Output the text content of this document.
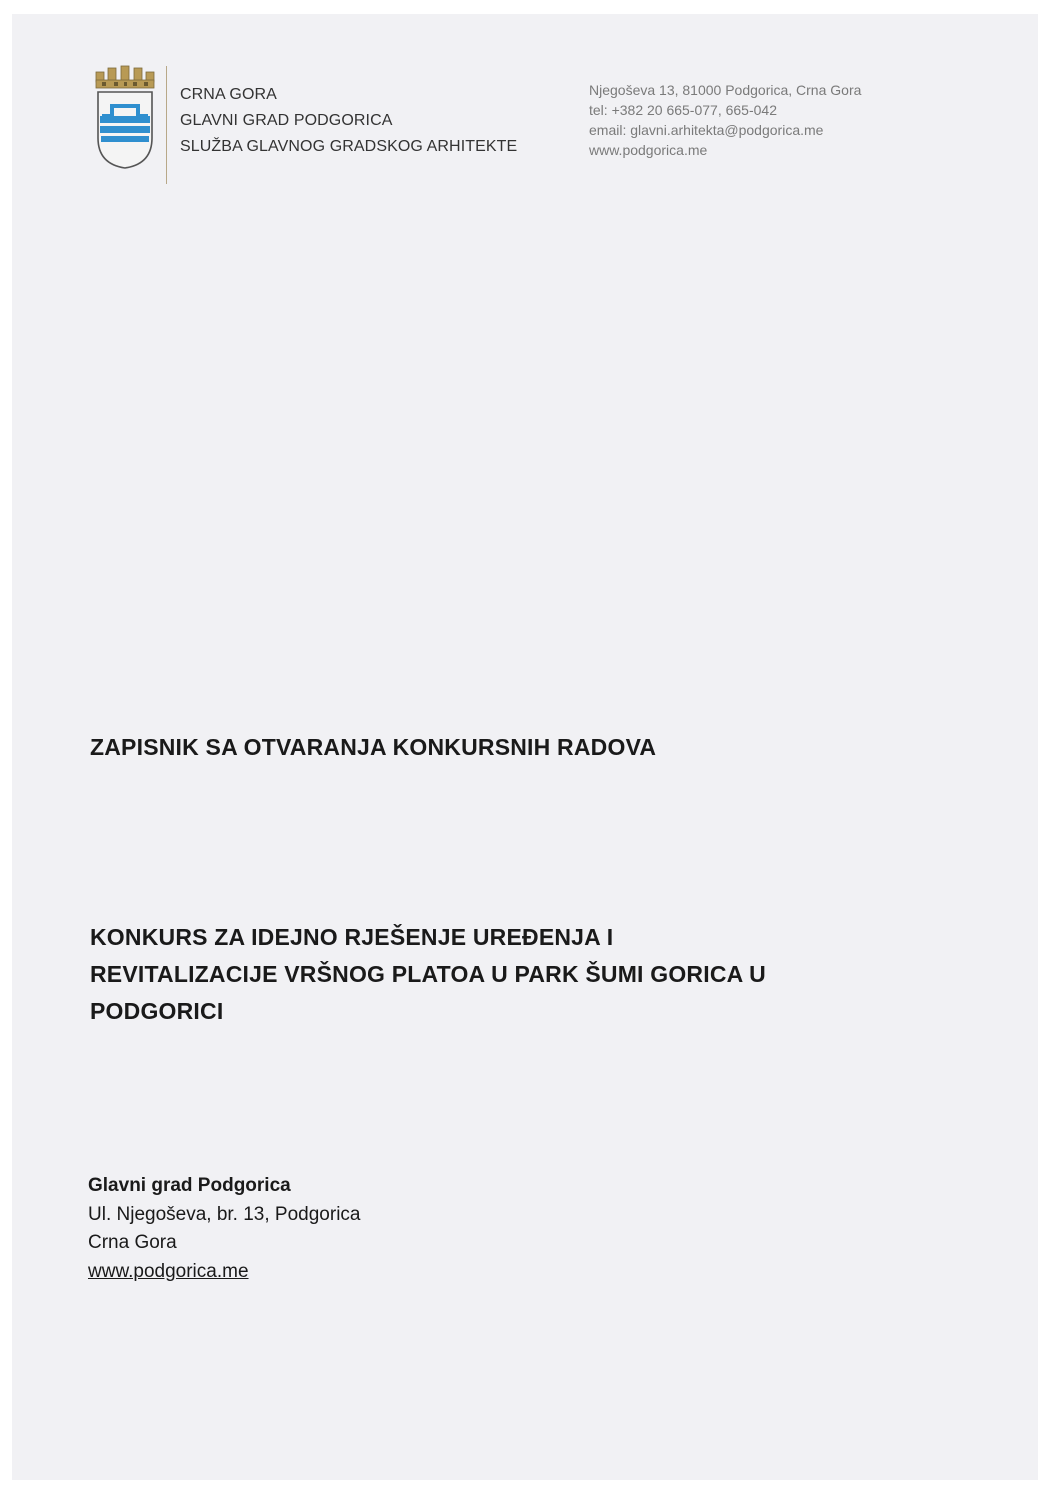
CRNA GORA
GLAVNI GRAD PODGORICA
SLUŽBA GLAVNOG GRADSKOG ARHITEKTE
Njegoševa 13, 81000 Podgorica, Crna Gora
tel: +382 20 665-077, 665-042
email: glavni.arhitekta@podgorica.me
www.podgorica.me
ZAPISNIK SA OTVARANJA KONKURSNIH RADOVA
KONKURS ZA IDEJNO RJEŠENJE UREĐENJA I
REVITALIZACIJE VRŠNOG PLATOA U PARK ŠUMI GORICA U
PODGORICI
Glavni grad Podgorica
Ul. Njegoševa, br. 13, Podgorica
Crna Gora
www.podgorica.me
